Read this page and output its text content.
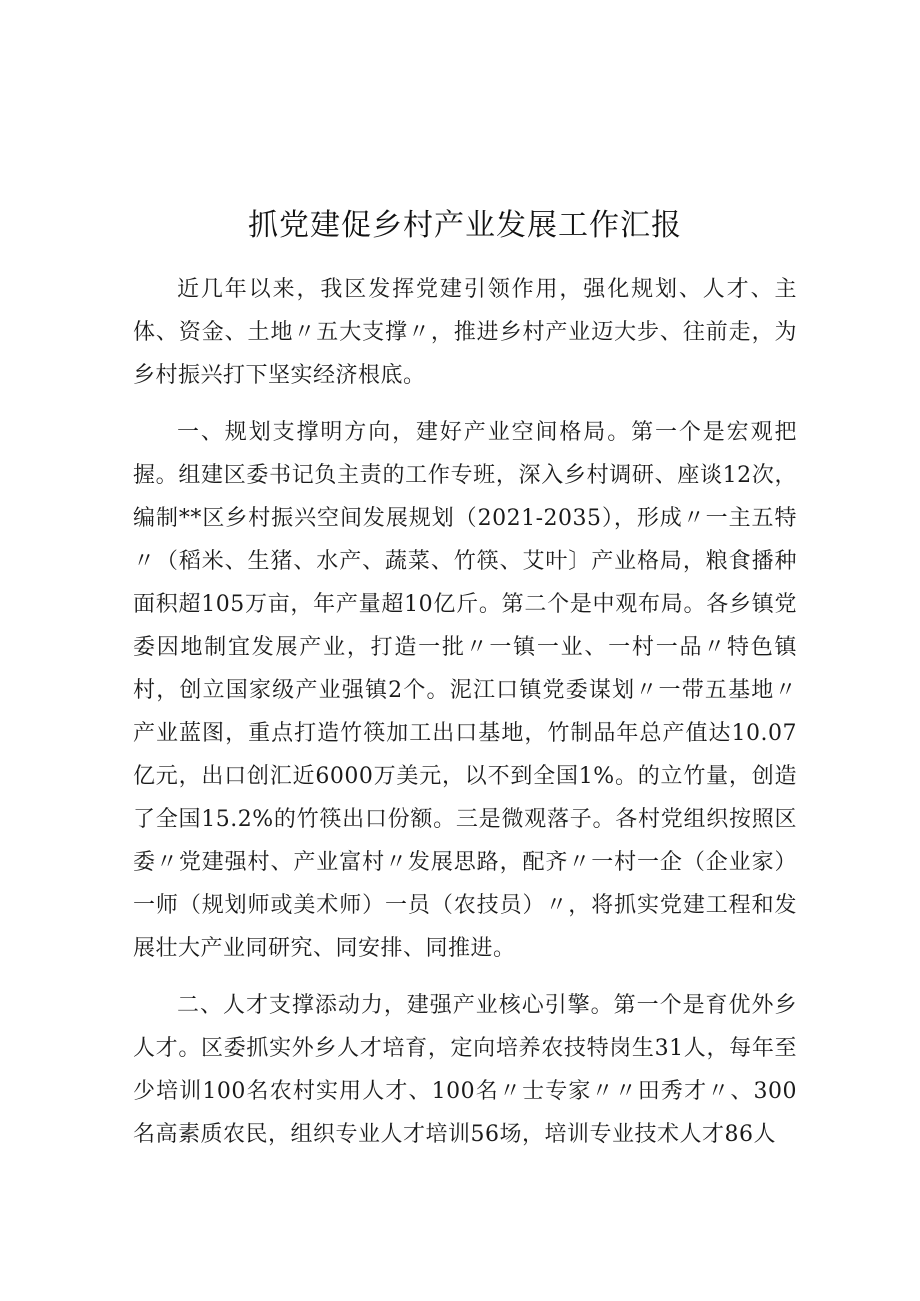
抓党建促乡村产业发展工作汇报

近几年以来，我区发挥党建引领作用，强化规划、人才、主体、资金、土地〃五大支撑〃，推进乡村产业迈大步、往前走，为乡村振兴打下坚实经济根底。

一、规划支撑明方向，建好产业空间格局。第一个是宏观把握。组建区委书记负主责的工作专班，深入乡村调研、座谈12次，编制**区乡村振兴空间发展规划（2021-2035），形成〃一主五特〃（稻米、生猪、水产、蔬菜、竹筷、艾叶〕产业格局，粮食播种面积超105万亩，年产量超10亿斤。第二个是中观布局。各乡镇党委因地制宜发展产业，打造一批〃一镇一业、一村一品〃特色镇村，创立国家级产业强镇2个。泥江口镇党委谋划〃一带五基地〃产业蓝图，重点打造竹筷加工出口基地，竹制品年总产值达10.07亿元，出口创汇近6000万美元，以不到全国1%。的立竹量，创造了全国15.2%的竹筷出口份额。三是微观落子。各村党组织按照区委〃党建强村、产业富村〃发展思路，配齐〃一村一企（企业家）一师（规划师或美术师）一员（农技员）〃，将抓实党建工程和发展壮大产业同研究、同安排、同推进。

二、人才支撑添动力，建强产业核心引擎。第一个是育优外乡人才。区委抓实外乡人才培育，定向培养农技特岗生31人，每年至少培训100名农村实用人才、100名〃士专家〃〃田秀才〃、300名高素质农民，组织专业人才培训56场，培训专业技术人才86人
